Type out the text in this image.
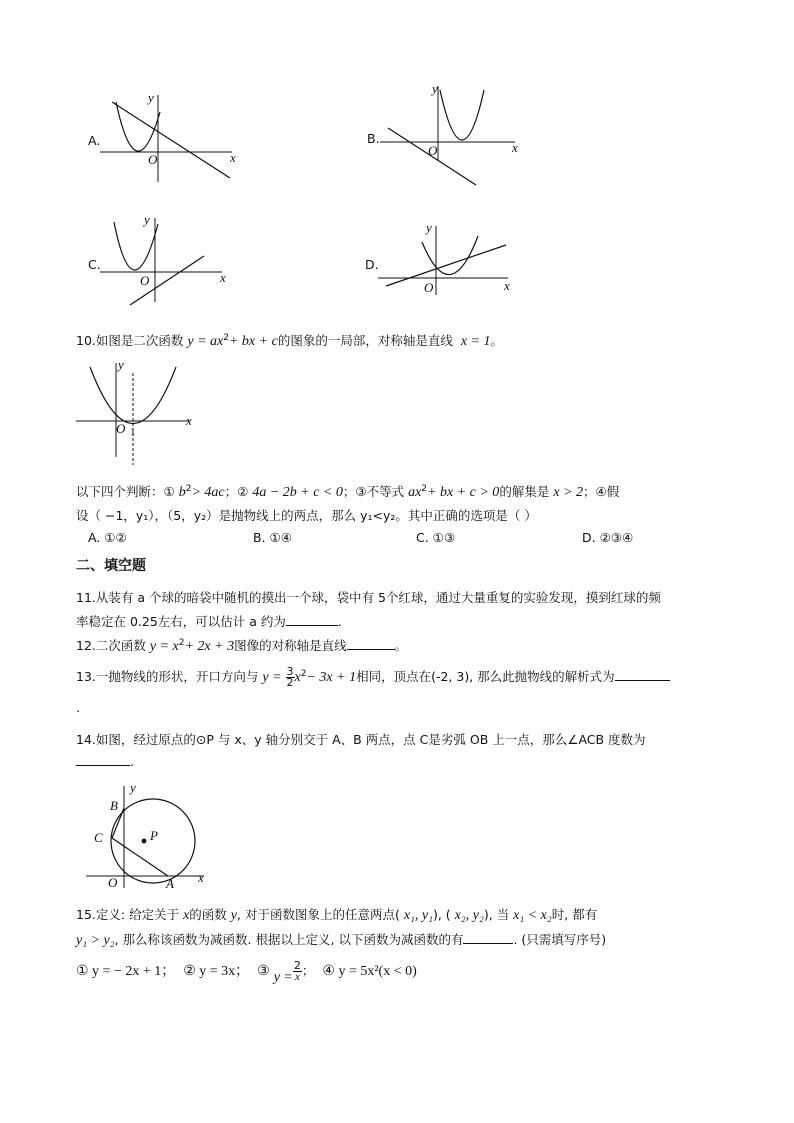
A.
y
O	x
B.
y
O	x
C.
y
O	x
D.
y
O	x
10.如图是二次函数 $y = ax^2+$ bx + c的图象的一局部，对称轴是直线 x = 1。
y
x
O 1
以下四个判断：① $b^2> 4ac$；② 4a − 2b + c < 0；③不等式 $ax^2+$ bx + c > 0的解集是 x > 2；④假
设（ −1，y₁），（5，y₂）是抛物线上的两点，那么 y₁<y₂。其中正确的选项是（ ）
A. ①②	B. ①④	C. ①③	D. ②③④
二、填空题
11.从装有 a 个球的暗袋中随机的摸出一个球，袋中有 5个红球，通过大量重复的实验发现，摸到红球的频
率稳定在 0.25左右，可以估计 a 约为	.
12.二次函数 $y = x^2+ 2x + 3$图像的对称轴是直线	。
13.一抛物线的形状，开口方向与 $y = \frac{3}{2} x^2- 3x + 1$相同，顶点在(-2, 3), 那么此抛物线的解析式为
.
14.如图，经过原点的⊙P 与 x、y 轴分别交于 A、B 两点，点 C是劣弧 OB 上一点，那么∠ACB 度数为
.
y
x
O	A
B
C	P
15.定义: 给定关于 x的函数 y, 对于函数图象上的任意两点( x₁, y₁), ( x₂, y₂), 当 x₁ < x₂时, 都有
y₁ > y₂, 那么称该函数为减函数. 根据以上定义, 以下函数为减函数的有	. (只需填写序号)
① y = − 2x + 1； ② y = 3x； ③ $y = \frac{2}{x}$ ； ④ y = 5x²(x < 0)
